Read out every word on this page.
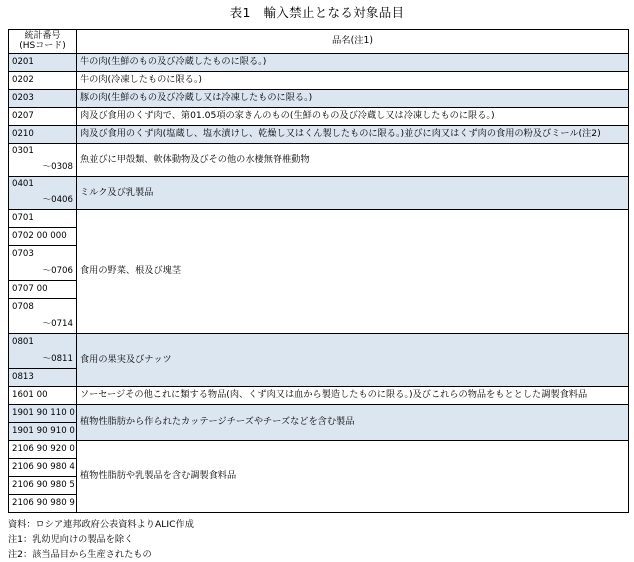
表1　輸入禁止となる対象品目
統計番号
(HSコード)	品名(注1)
0201	牛の肉(生鮮のもの及び冷蔵したものに限る。)
0202	牛の肉(冷凍したものに限る。)
0203	豚の肉(生鮮のもの及び冷蔵し又は冷凍したものに限る。)
0207	肉及び食用のくず肉で、第01.05項の家きんのもの(生鮮のもの及び冷蔵し又は冷凍したものに限る。)
0210	肉及び食用のくず肉(塩蔵し、塩水漬けし、乾燥し又はくん製したものに限る。)並びに肉又はくず肉の食用の粉及びミール(注2)
0301	魚並びに甲殻類、軟体動物及びその他の水棲無脊椎動物
～0308	
0401	ミルク及び乳製品
～0406	
0701	食用の野菜、根及び塊茎
0702 00 000	
0703	
～0706	
0707 00	
0708	
～0714	
0801	食用の果実及びナッツ
～0811	
0813	
1601 00	ソーセージその他これに類する物品(肉、くず肉又は血から製造したものに限る。)及びこれらの物品をもととした調製食料品
1901 90 110 0	植物性脂肪から作られたカッテージチーズやチーズなどを含む製品
1901 90 910 0	
2106 90 920 0	植物性脂肪や乳製品を含む調製食料品
2106 90 980 4	
2106 90 980 5	
2106 90 980 9	
資料：ロシア連邦政府公表資料よりALIC作成
注1：乳幼児向けの製品を除く
注2：該当品目から生産されたもの
